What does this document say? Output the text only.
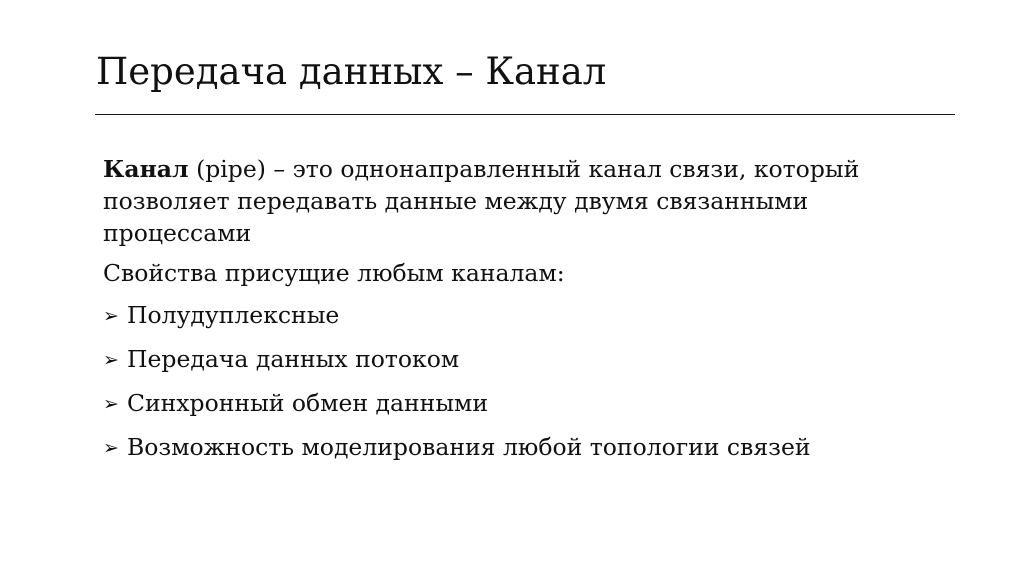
Передача данных – Канал

Канал (pipe) – это однонаправленный канал связи, который позволяет передавать данные между двумя связанными процессами

Свойства присущие любым каналам:

➢ Полудуплексные
➢ Передача данных потоком
➢ Синхронный обмен данными
➢ Возможность моделирования любой топологии связей
